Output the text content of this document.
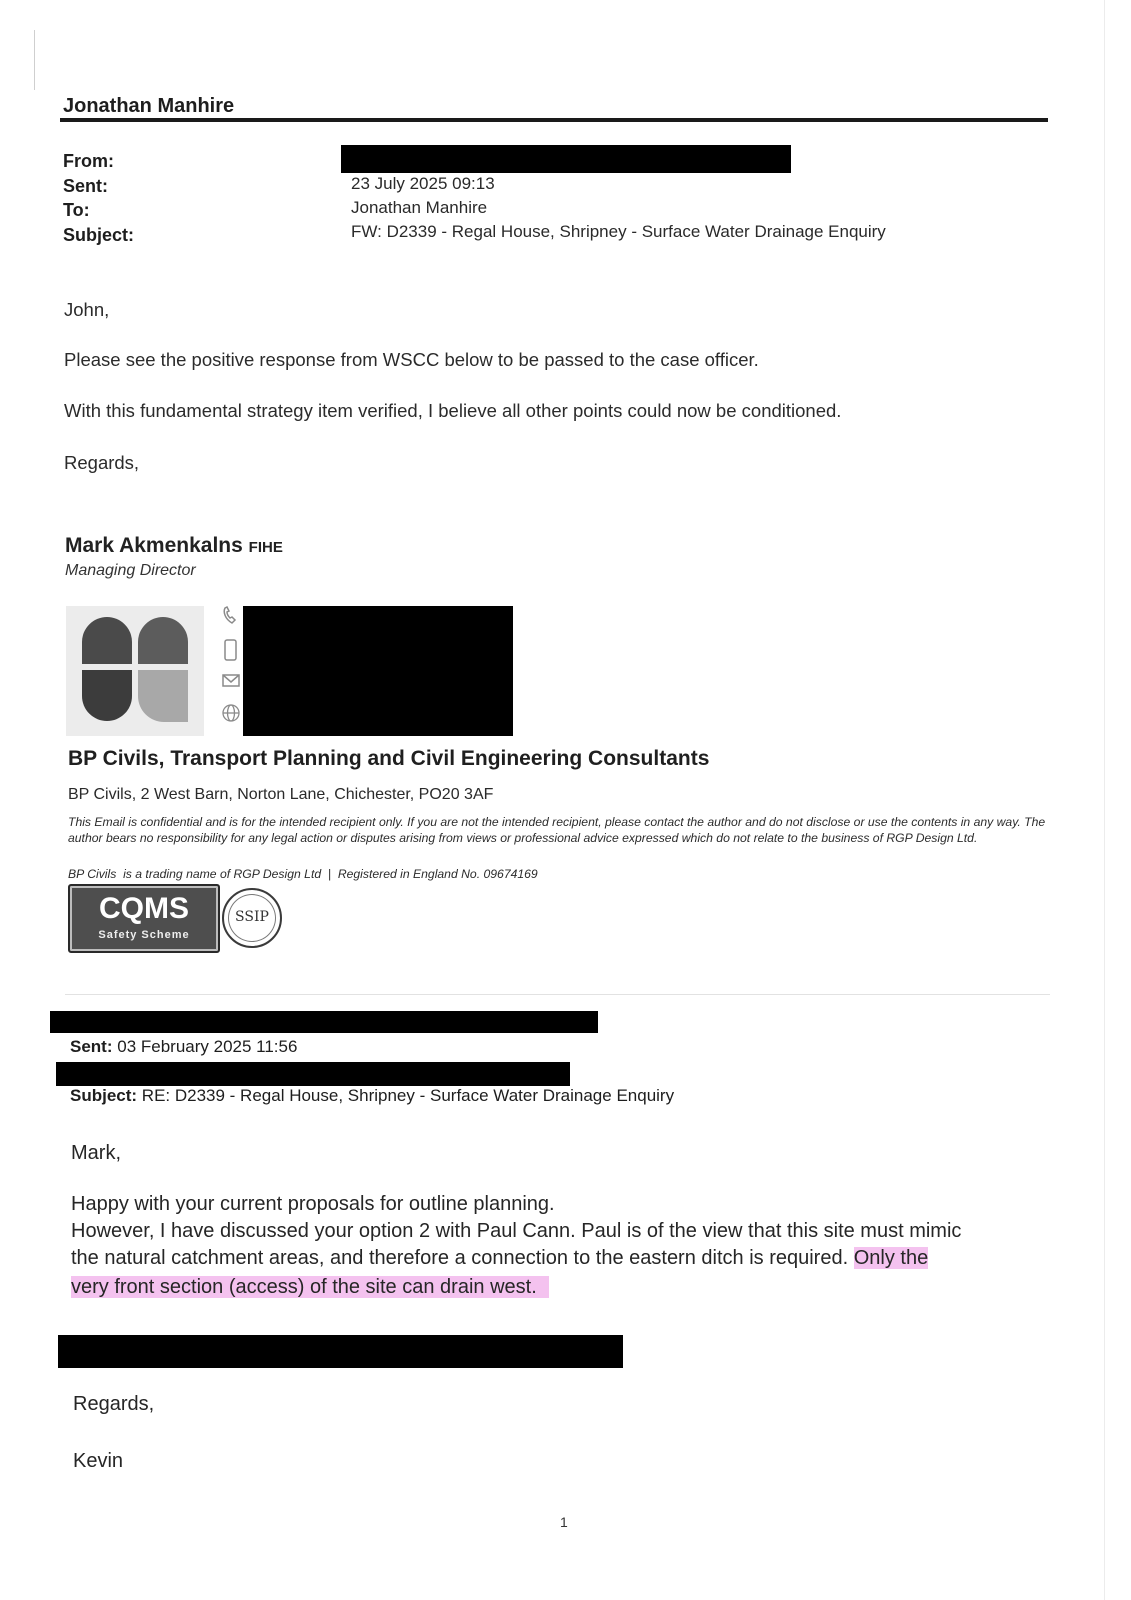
Jonathan Manhire
From:
Sent:	23 July 2025 09:13
To:	Jonathan Manhire
Subject:	FW: D2339 - Regal House, Shripney - Surface Water Drainage Enquiry
John,
Please see the positive response from WSCC below to be passed to the case officer.
With this fundamental strategy item verified, I believe all other points could now be conditioned.
Regards,
Mark Akmenkalns FIHE
Managing Director
BP Civils, Transport Planning and Civil Engineering Consultants
BP Civils, 2 West Barn, Norton Lane, Chichester, PO20 3AF
This Email is confidential and is for the intended recipient only. If you are not the intended recipient, please contact the author and do not disclose or use the contents in any way. The author bears no responsibility for any legal action or disputes arising from views or professional advice expressed which do not relate to the business of RGP Design Ltd.
BP Civils  is a trading name of RGP Design Ltd  |  Registered in England No. 09674169
CQMS
Safety Scheme
SSIP
Sent: 03 February 2025 11:56
Subject: RE: D2339 - Regal House, Shripney - Surface Water Drainage Enquiry
Mark,
Happy with your current proposals for outline planning.
However, I have discussed your option 2 with Paul Cann. Paul is of the view that this site must mimic
the natural catchment areas, and therefore a connection to the eastern ditch is required. Only the
very front section (access) of the site can drain west.
Regards,
Kevin
1
